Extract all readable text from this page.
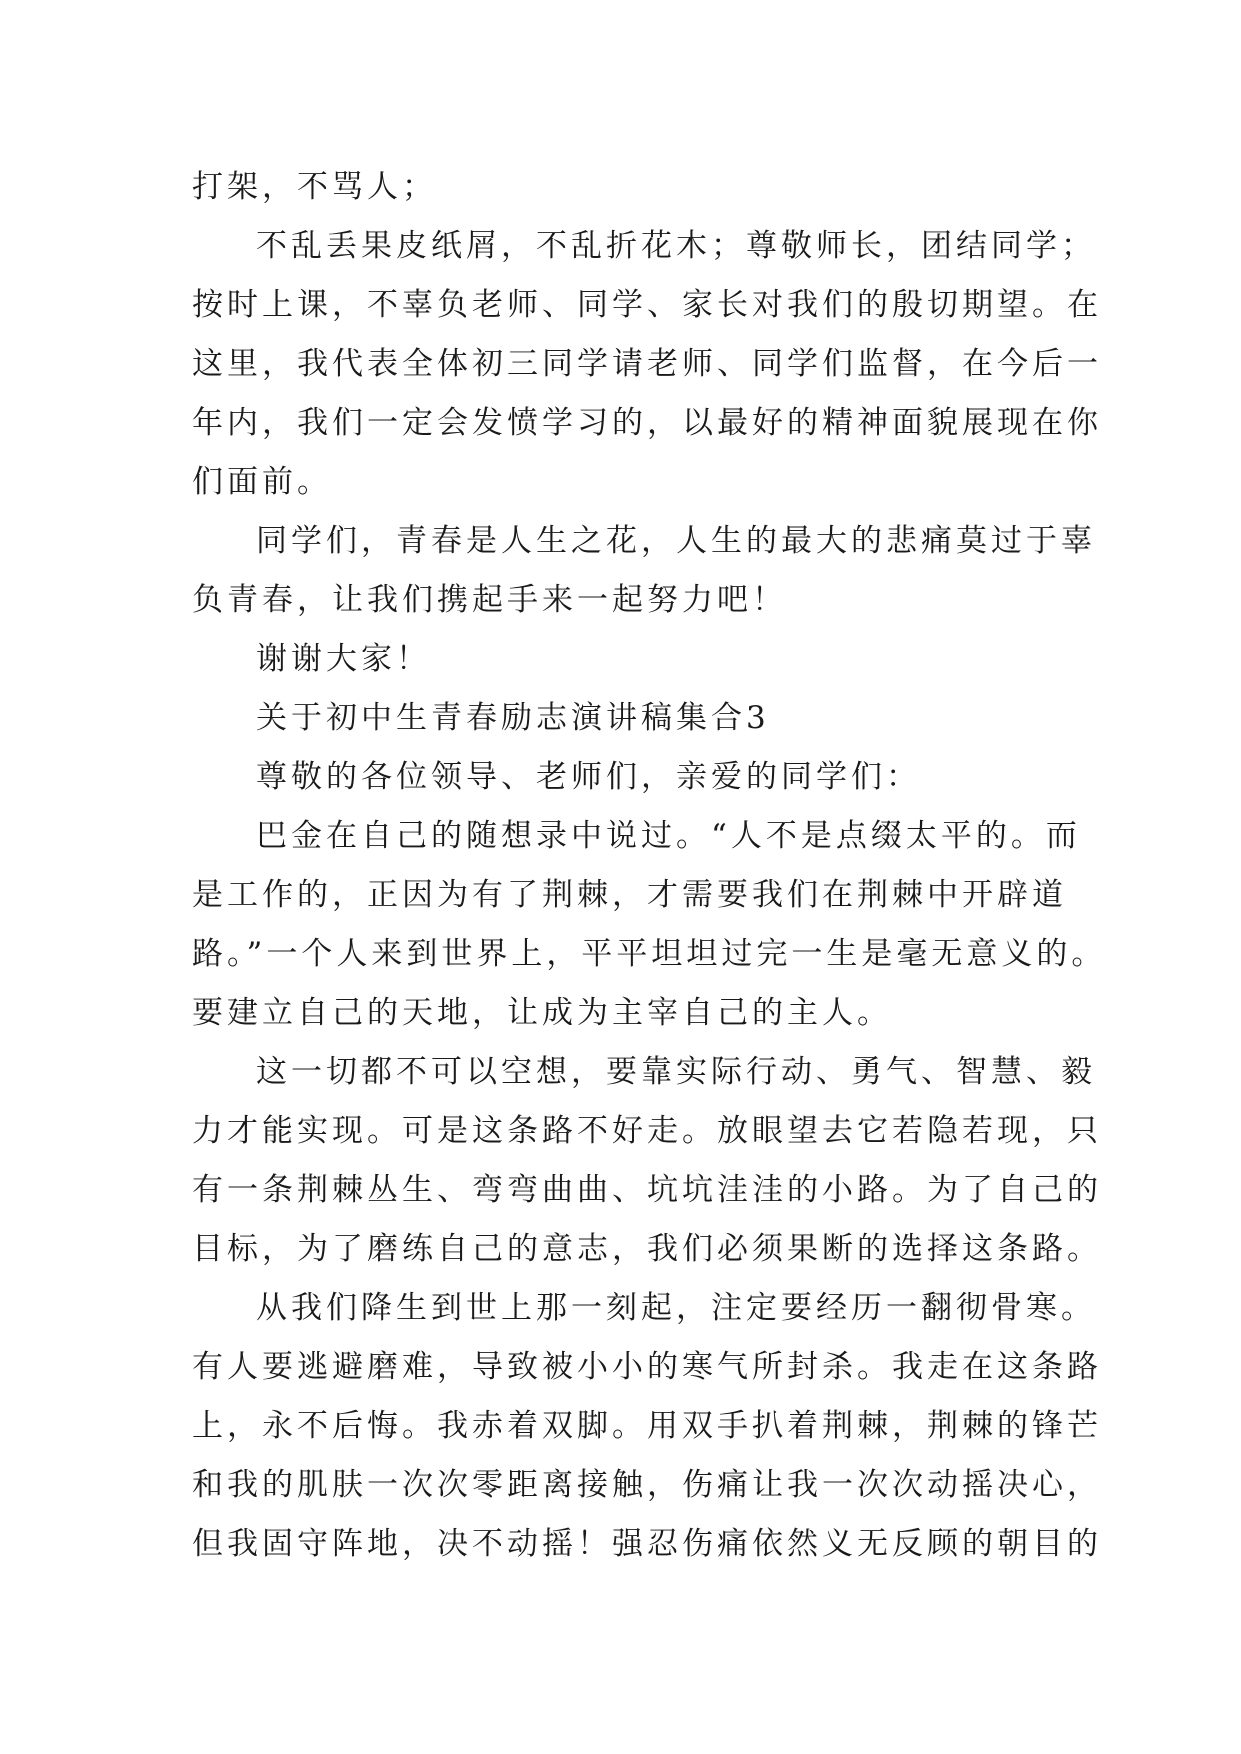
打架，不骂人；
不乱丢果皮纸屑，不乱折花木；尊敬师长，团结同学；
按时上课，不辜负老师、同学、家长对我们的殷切期望。在
这里，我代表全体初三同学请老师、同学们监督，在今后一
年内，我们一定会发愤学习的，以最好的精神面貌展现在你
们面前。
同学们，青春是人生之花，人生的最大的悲痛莫过于辜
负青春，让我们携起手来一起努力吧！
谢谢大家！
关于初中生青春励志演讲稿集合3
尊敬的各位领导、老师们，亲爱的同学们：
巴金在自己的随想录中说过。“人不是点缀太平的。而
是工作的，正因为有了荆棘，才需要我们在荆棘中开辟道
路。”一个人来到世界上，平平坦坦过完一生是毫无意义的。
要建立自己的天地，让成为主宰自己的主人。
这一切都不可以空想，要靠实际行动、勇气、智慧、毅
力才能实现。可是这条路不好走。放眼望去它若隐若现，只
有一条荆棘丛生、弯弯曲曲、坑坑洼洼的小路。为了自己的
目标，为了磨练自己的意志，我们必须果断的选择这条路。
从我们降生到世上那一刻起，注定要经历一翻彻骨寒。
有人要逃避磨难，导致被小小的寒气所封杀。我走在这条路
上，永不后悔。我赤着双脚。用双手扒着荆棘，荆棘的锋芒
和我的肌肤一次次零距离接触，伤痛让我一次次动摇决心，
但我固守阵地，决不动摇！强忍伤痛依然义无反顾的朝目的
